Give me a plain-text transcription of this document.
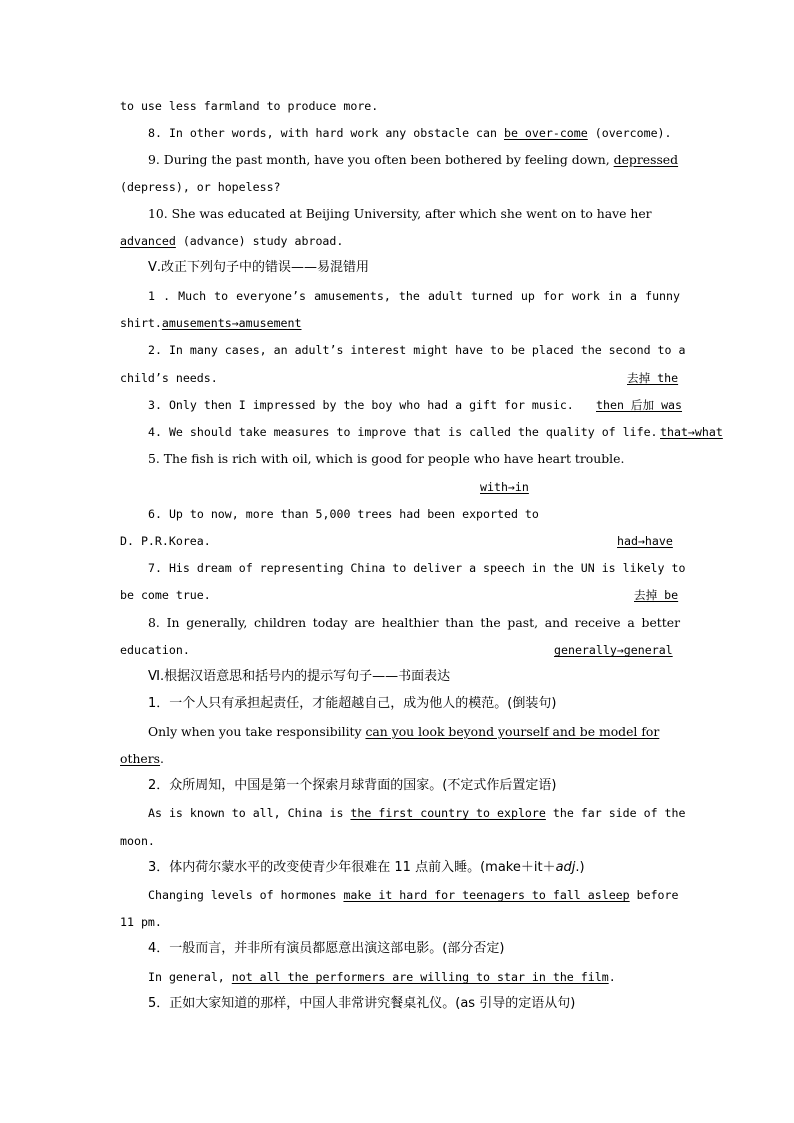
to use less farmland to produce more.
8. In other words, with hard work any obstacle can be over-come (overcome).
9. During the past month, have you often been bothered by feeling down, depressed
(depress), or hopeless?
10. She was educated at Beijing University, after which she went on to have her
advanced (advance) study abroad.
Ⅴ.改正下列句子中的错误——易混错用
1 . Much to everyone’s amusements, the adult turned up for work in a funny
shirt.amusements→amusement
2. In many cases, an adult’s interest might have to be placed the second to a
child’s needs.	去掉 the
3. Only then I impressed by the boy who had a gift for music. then 后加 was
4. We should take measures to improve that is called the quality of life. that→what
5. The fish is rich with oil, which is good for people who have heart trouble.
with→in
6. Up to now, more than 5,000 trees had been exported to
D. P.R.Korea.	had→have
7. His dream of representing China to deliver a speech in the UN is likely to
be come true.	去掉 be
8. In generally, children today are healthier than the past, and receive a better
education.	generally→general
Ⅵ.根据汉语意思和括号内的提示写句子——书面表达
1．一个人只有承担起责任，才能超越自己，成为他人的模范。(倒装句)
Only when you take responsibility can you look beyond yourself and be model for
others.
2．众所周知，中国是第一个探索月球背面的国家。(不定式作后置定语)
As is known to all, China is the first country to explore the far side of the
moon.
3．体内荷尔蒙水平的改变使青少年很难在 11 点前入睡。(make＋it＋adj.)
Changing levels of hormones make it hard for teenagers to fall asleep before
11 pm.
4．一般而言，并非所有演员都愿意出演这部电影。(部分否定)
In general, not all the performers are willing to star in the film.
5．正如大家知道的那样，中国人非常讲究餐桌礼仪。(as 引导的定语从句)
